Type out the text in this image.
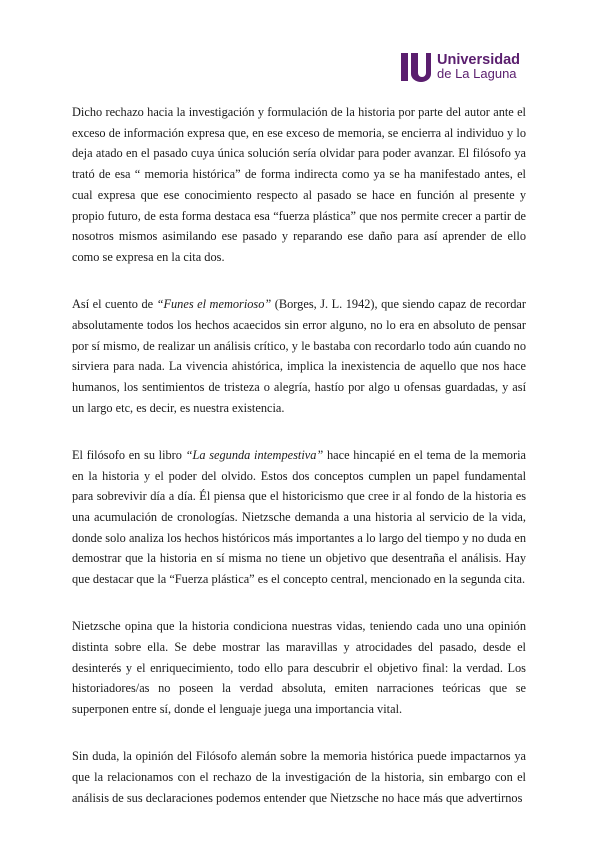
Universidad
de La Laguna

Dicho rechazo hacia la investigación y formulación de la historia por parte del autor ante el exceso de información expresa que, en ese exceso de memoria, se encierra al individuo y lo deja atado en el pasado cuya única solución sería olvidar para poder avanzar. El filósofo ya trató de esa “ memoria histórica” de forma indirecta como ya se ha manifestado antes, el cual expresa que ese conocimiento respecto al pasado se hace en función al presente y propio futuro, de esta forma destaca esa “fuerza plástica” que nos permite crecer a partir de nosotros mismos asimilando ese pasado y reparando ese daño para así aprender de ello como se expresa en la cita dos.

Así el cuento de “Funes el memorioso” (Borges, J. L. 1942), que siendo capaz de recordar absolutamente todos los hechos acaecidos sin error alguno, no lo era en absoluto de pensar por sí mismo, de realizar un análisis crítico, y le bastaba con recordarlo todo aún cuando no sirviera para nada. La vivencia ahistórica, implica la inexistencia de aquello que nos hace humanos, los sentimientos de tristeza o alegría, hastío por algo u ofensas guardadas, y así un largo etc, es decir, es nuestra existencia.

El filósofo en su libro “La segunda intempestiva” hace hincapié en el tema de la memoria en la historia y el poder del olvido. Estos dos conceptos cumplen un papel fundamental para sobrevivir día a día. Él piensa que el historicismo que cree ir al fondo de la historia es una acumulación de cronologías. Nietzsche demanda a una historia al servicio de la vida, donde solo analiza los hechos históricos más importantes a lo largo del tiempo y no duda en demostrar que la historia en sí misma no tiene un objetivo que desentraña el análisis. Hay que destacar que la “Fuerza plástica” es el concepto central, mencionado en la segunda cita.

Nietzsche opina que la historia condiciona nuestras vidas, teniendo cada uno una opinión distinta sobre ella. Se debe mostrar las maravillas y atrocidades del pasado, desde el desinterés y el enriquecimiento, todo ello para descubrir el objetivo final: la verdad. Los historiadores/as no poseen la verdad absoluta, emiten narraciones teóricas que se superponen entre sí, donde el lenguaje juega una importancia vital.

Sin duda, la opinión del Filósofo alemán sobre la memoria histórica puede impactarnos ya que la relacionamos con el rechazo de la investigación de la historia, sin embargo con el análisis de sus declaraciones podemos entender que Nietzsche no hace más que advertirnos
